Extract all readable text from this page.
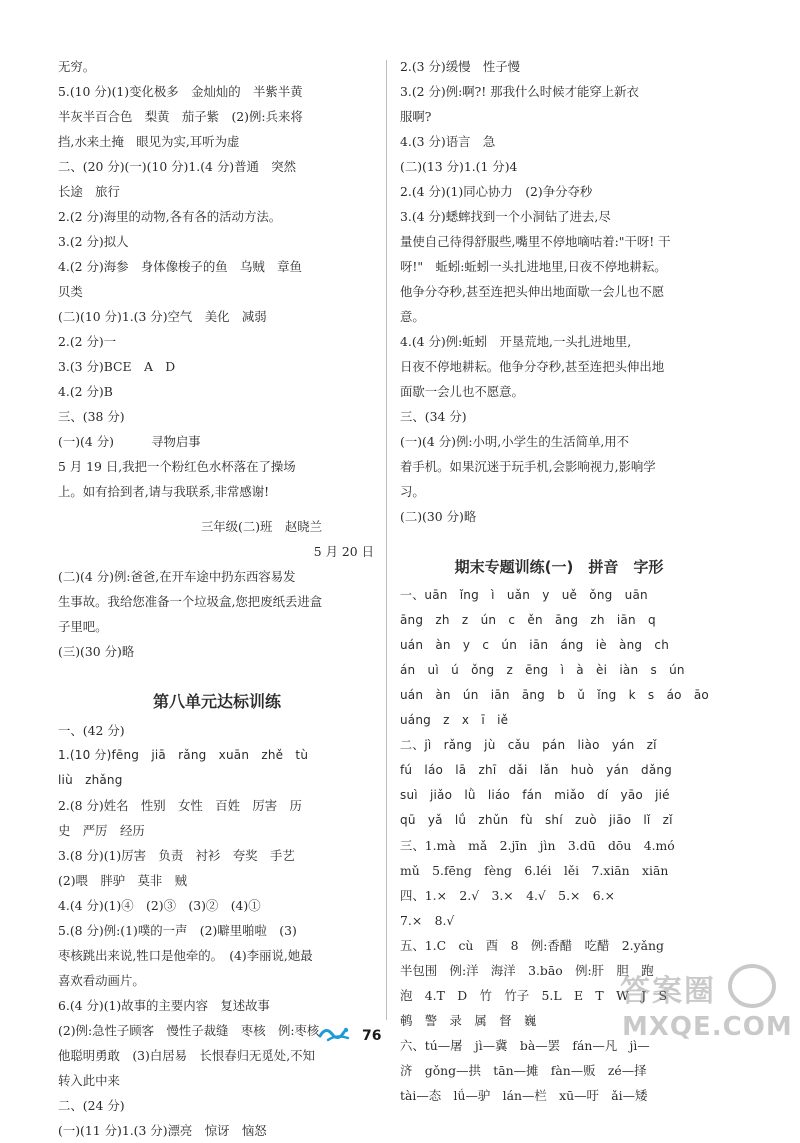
无穷。
5.(10 分)(1)变化极多　金灿灿的　半紫半黄
半灰半百合色　梨黄　茄子紫　(2)例:兵来将
挡,水来土掩　眼见为实,耳听为虚
二、(20 分)(一)(10 分)1.(4 分)普通　突然
长途　旅行
2.(2 分)海里的动物,各有各的活动方法。
3.(2 分)拟人
4.(2 分)海参　身体像梭子的鱼　乌贼　章鱼
贝类
(二)(10 分)1.(3 分)空气　美化　减弱
2.(2 分)一
3.(3 分)BCE　A　D
4.(2 分)B
三、(38 分)
(一)(4 分)　　　寻物启事
5 月 19 日,我把一个粉红色水杯落在了操场
上。如有拾到者,请与我联系,非常感谢!
三年级(二)班　赵晓兰
5 月 20 日
(二)(4 分)例:爸爸,在开车途中扔东西容易发
生事故。我给您准备一个垃圾盒,您把废纸丢进盒
子里吧。
(三)(30 分)略
第八单元达标训练
一、(42 分)
1.(10 分)fēng　jiā　rǎng　xuān　zhě　tù
liù　zhǎng
2.(8 分)姓名　性别　女性　百姓　厉害　历
史　严厉　经历
3.(8 分)(1)厉害　负责　衬衫　夸奖　手艺
(2)喂　胖驴　莫非　贼
4.(4 分)(1)④　(2)③　(3)②　(4)①
5.(8 分)例:(1)噗的一声　(2)噼里啪啦　(3)
枣核跳出来说,牲口是他牵的。　(4)李丽说,她最
喜欢看动画片。
6.(4 分)(1)故事的主要内容　复述故事
(2)例:急性子顾客　慢性子裁缝　枣核　例:枣核
他聪明勇敢　(3)白居易　长恨春归无觅处,不知
转入此中来
二、(24 分)
(一)(11 分)1.(3 分)漂亮　惊讶　恼怒
2.(3 分)缓慢　性子慢
3.(2 分)例:啊?! 那我什么时候才能穿上新衣
服啊?
4.(3 分)语言　急
(二)(13 分)1.(1 分)4
2.(4 分)(1)同心协力　(2)争分夺秒
3.(4 分)蟋蟀找到一个小洞钻了进去,尽
量使自己待得舒服些,嘴里不停地嘀咕着:"干呀! 干
呀!"　蚯蚓:蚯蚓一头扎进地里,日夜不停地耕耘。
他争分夺秒,甚至连把头伸出地面歇一会儿也不愿
意。
4.(4 分)例:蚯蚓　开垦荒地,一头扎进地里,
日夜不停地耕耘。他争分夺秒,甚至连把头伸出地
面歇一会儿也不愿意。
三、(34 分)
(一)(4 分)例:小明,小学生的生活简单,用不
着手机。如果沉迷于玩手机,会影响视力,影响学
习。
(二)(30 分)略
期末专题训练(一)　拼音　字形
一、uān　ǐng　ì　uǎn　y　uě　ǒng　uān
āng　zh　z　ún　c　ěn　āng　zh　iān　q
uán　àn　y　c　ún　iān　áng　iè　àng　ch
án　uì　ú　ǒng　z　ēng　ì　à　èi　iàn　s　ún
uán　àn　ún　iān　āng　b　ǔ　ǐng　k　s　áo　āo
uáng　z　x　ī　iě
二、jì　rǎng　jù　cǎu　pán　liào　yán　zǐ
fú　láo　lā　zhī　dǎi　lǎn　huò　yán　dǎng
suì　jiǎo　lǜ　liáo　fán　miǎo　dí　yāo　jié
qū　yǎ　lǘ　zhǔn　fù　shí　zuò　jiāo　lǐ　zǐ
三、1.mà　mǎ　2.jīn　jìn　3.dū　dōu　4.mó
mǔ　5.fēng　fèng　6.léi　lěi　7.xiān　xiān
四、1.×　2.√　3.×　4.√　5.×　6.×
7.×　8.√
五、1.C　cù　酉　8　例:香醋　吃醋　2.yǎng
半包围　例:洋　海洋　3.bāo　例:肝　胆　跑
泡　4.T　D　竹　竹子　5.L　E　T　W　J　S
鹌　警　录　属　督　巍
六、tú—屠　jì—冀　bà—罢　fán—凡　jì—
济　gǒng—拱　tān—摊　fàn—贩　zé—择
tài—态　lǘ—驴　lán—栏　xū—吁　ǎi—矮
76
答案圈
MXQE.COM
